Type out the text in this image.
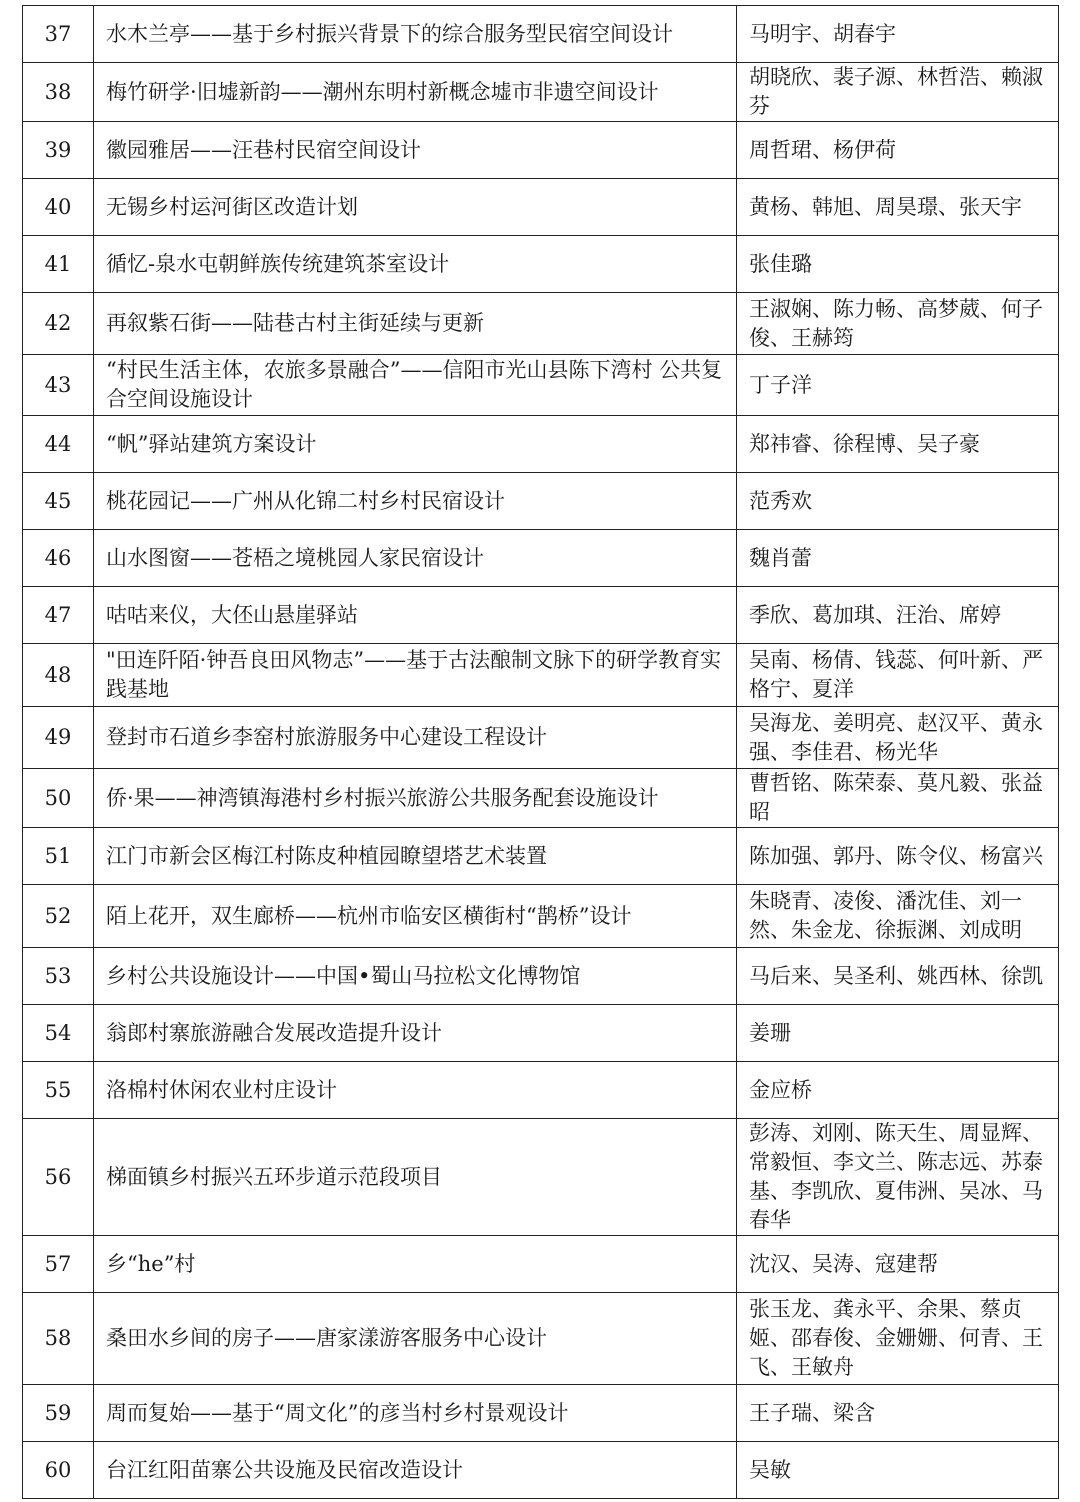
37	水木兰亭——基于乡村振兴背景下的综合服务型民宿空间设计	马明宇、胡春宇
38	梅竹研学·旧墟新韵——潮州东明村新概念墟市非遗空间设计	胡晓欣、裴子源、林哲浩、赖淑芬
39	徽园雅居——汪巷村民宿空间设计	周哲珺、杨伊荷
40	无锡乡村运河街区改造计划	黄杨、韩旭、周昊璟、张天宇
41	循忆-泉水屯朝鲜族传统建筑茶室设计	张佳璐
42	再叙紫石街——陆巷古村主街延续与更新	王淑娴、陈力畅、高梦葳、何子俊、王赫筠
43	“村民生活主体，农旅多景融合”——信阳市光山县陈下湾村 公共复合空间设施设计	丁子洋
44	“帆”驿站建筑方案设计	郑祎睿、徐程博、吴子豪
45	桃花园记——广州从化锦二村乡村民宿设计	范秀欢
46	山水图窗——苍梧之境桃园人家民宿设计	魏肖蕾
47	咕咕来仪，大伾山悬崖驿站	季欣、葛加琪、汪治、席婷
48	"田连阡陌·钟吾良田风物志”——基于古法酿制文脉下的研学教育实践基地	吴南、杨倩、钱蕊、何叶新、严格宁、夏洋
49	登封市石道乡李窑村旅游服务中心建设工程设计	吴海龙、姜明亮、赵汉平、黄永强、李佳君、杨光华
50	侨·果——神湾镇海港村乡村振兴旅游公共服务配套设施设计	曹哲铭、陈荣泰、莫凡毅、张益昭
51	江门市新会区梅江村陈皮种植园瞭望塔艺术装置	陈加强、郭丹、陈令仪、杨富兴
52	陌上花开，双生廊桥——杭州市临安区横街村“鹊桥”设计	朱晓青、凌俊、潘沈佳、刘一然、朱金龙、徐振渊、刘成明
53	乡村公共设施设计——中国•蜀山马拉松文化博物馆	马后来、吴圣利、姚西林、徐凯
54	翁郎村寨旅游融合发展改造提升设计	姜珊
55	洛棉村休闲农业村庄设计	金应桥
56	梯面镇乡村振兴五环步道示范段项目	彭涛、刘刚、陈天生、周显辉、常毅恒、李文兰、陈志远、苏泰基、李凯欣、夏伟洲、吴冰、马春华
57	乡“he”村	沈汉、吴涛、寇建帮
58	桑田水乡间的房子——唐家漾游客服务中心设计	张玉龙、龚永平、余果、蔡贞姬、邵春俊、金姗姗、何青、王飞、王敏舟
59	周而复始——基于“周文化”的彦当村乡村景观设计	王子瑞、梁含
60	台江红阳苗寨公共设施及民宿改造设计	吴敏
